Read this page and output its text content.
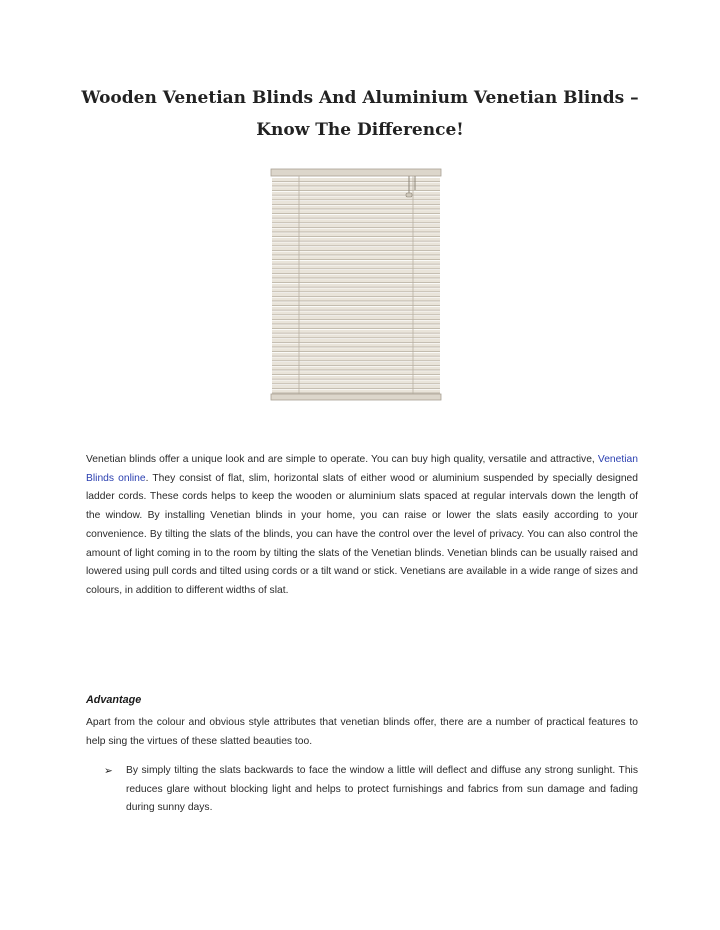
Wooden Venetian Blinds And Aluminium Venetian Blinds –
Know The Difference!

Venetian blinds offer a unique look and are simple to operate. You can buy high quality, versatile and attractive, Venetian Blinds online. They consist of flat, slim, horizontal slats of either wood or aluminium suspended by specially designed ladder cords. These cords helps to keep the wooden or aluminium slats spaced at regular intervals down the length of the window. By installing Venetian blinds in your home, you can raise or lower the slats easily according to your convenience. By tilting the slats of the blinds, you can have the control over the level of privacy. You can also control the amount of light coming in to the room by tilting the slats of the Venetian blinds. Venetian blinds can be usually raised and lowered using pull cords and tilted using cords or a tilt wand or stick. Venetians are available in a wide range of sizes and colours, in addition to different widths of slat.

Advantage

Apart from the colour and obvious style attributes that venetian blinds offer, there are a number of practical features to help sing the virtues of these slatted beauties too.

➢	By simply tilting the slats backwards to face the window a little will deflect and diffuse any strong sunlight. This reduces glare without blocking light and helps to protect furnishings and fabrics from sun damage and fading during sunny days.
